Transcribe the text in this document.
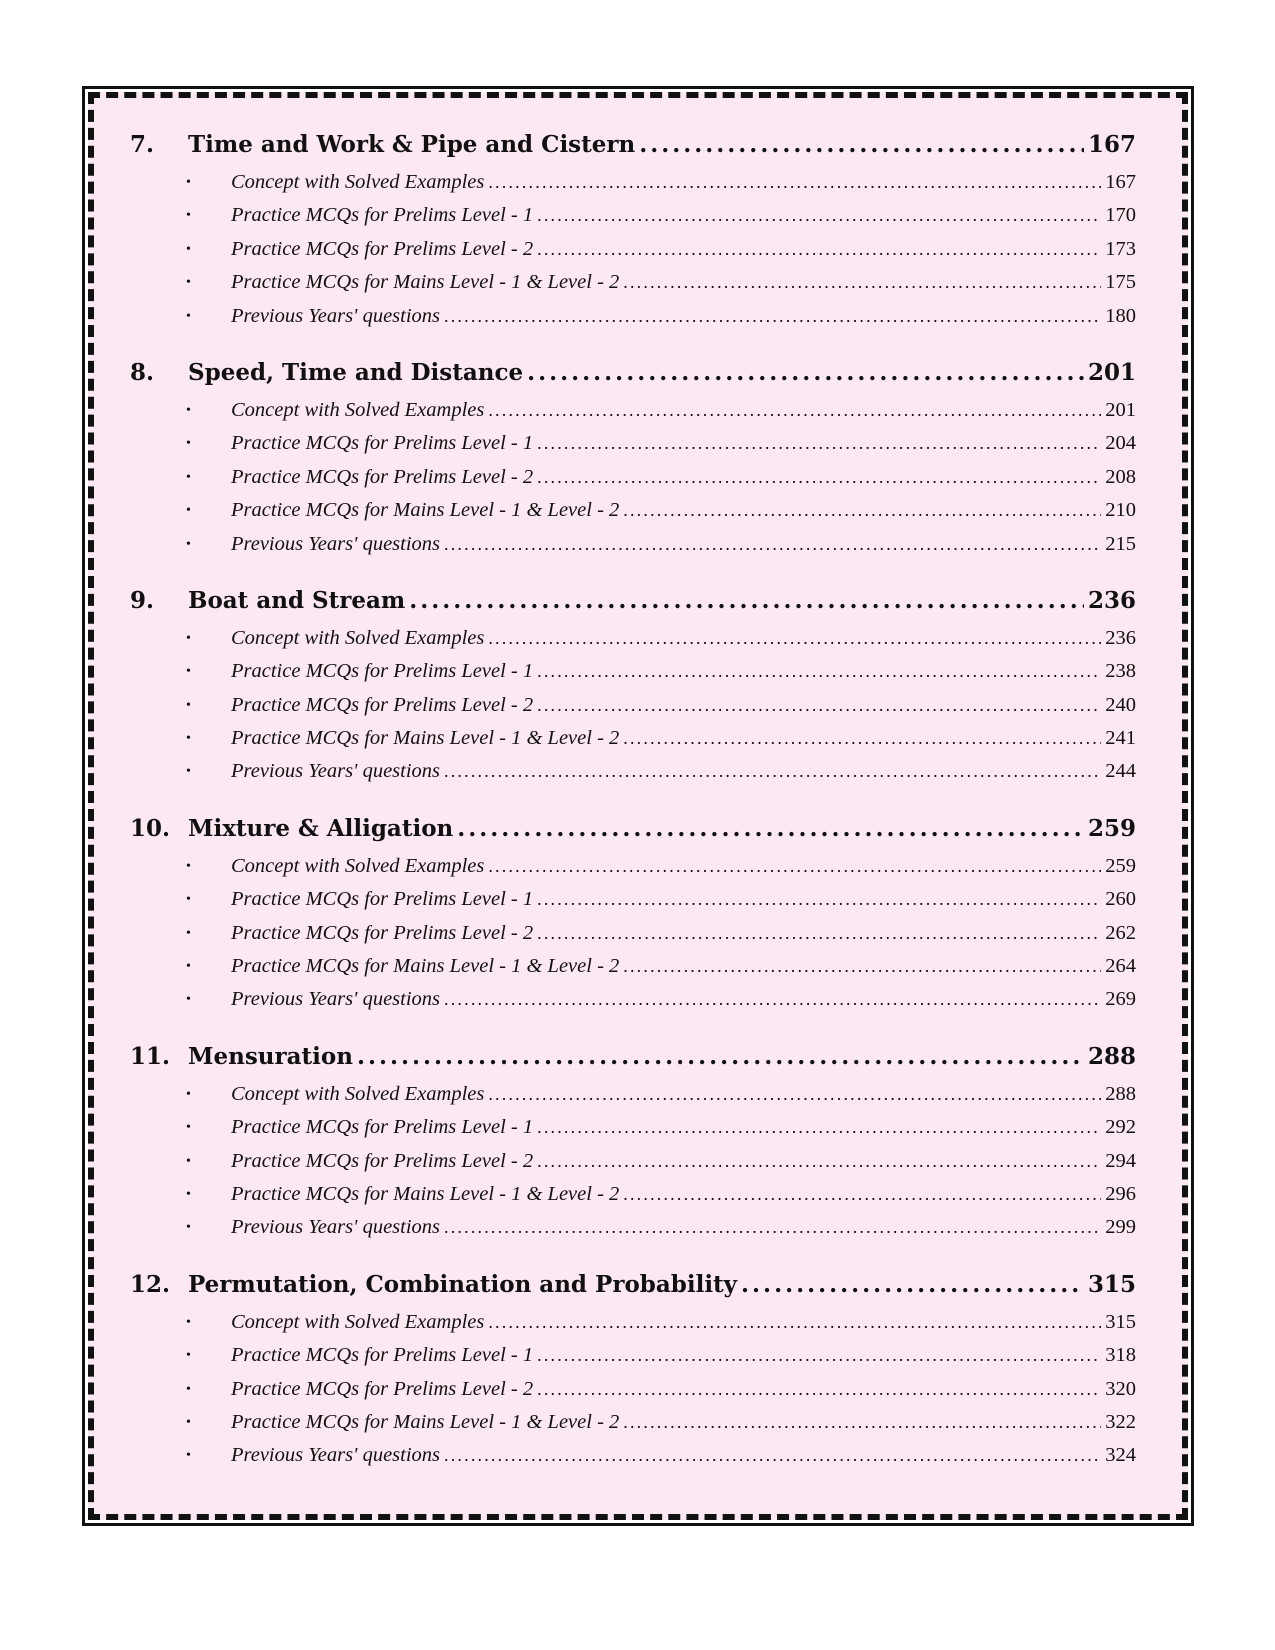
7.	Time and Work & Pipe and Cistern .....	167
•	Concept with Solved Examples .....	167
•	Practice MCQs for Prelims Level - 1 .....	170
•	Practice MCQs for Prelims Level - 2 .....	173
•	Practice MCQs for Mains Level - 1 & Level - 2 .....	175
•	Previous Years' questions .....	180
8.	Speed, Time and Distance .....	201
•	Concept with Solved Examples .....	201
•	Practice MCQs for Prelims Level - 1 .....	204
•	Practice MCQs for Prelims Level - 2 .....	208
•	Practice MCQs for Mains Level - 1 & Level - 2 .....	210
•	Previous Years' questions .....	215
9.	Boat and Stream .....	236
•	Concept with Solved Examples .....	236
•	Practice MCQs for Prelims Level - 1 .....	238
•	Practice MCQs for Prelims Level - 2 .....	240
•	Practice MCQs for Mains Level - 1 & Level - 2 .....	241
•	Previous Years' questions .....	244
10. Mixture & Alligation .....	259
•	Concept with Solved Examples .....	259
•	Practice MCQs for Prelims Level - 1 .....	260
•	Practice MCQs for Prelims Level - 2 .....	262
•	Practice MCQs for Mains Level - 1 & Level - 2 .....	264
•	Previous Years' questions .....	269
11. Mensuration .....	288
•	Concept with Solved Examples .....	288
•	Practice MCQs for Prelims Level - 1 .....	292
•	Practice MCQs for Prelims Level - 2 .....	294
•	Practice MCQs for Mains Level - 1 & Level - 2 .....	296
•	Previous Years' questions .....	299
12. Permutation, Combination and Probability .....	315
•	Concept with Solved Examples .....	315
•	Practice MCQs for Prelims Level - 1 .....	318
•	Practice MCQs for Prelims Level - 2 .....	320
•	Practice MCQs for Mains Level - 1 & Level - 2 .....	322
•	Previous Years' questions .....	324
